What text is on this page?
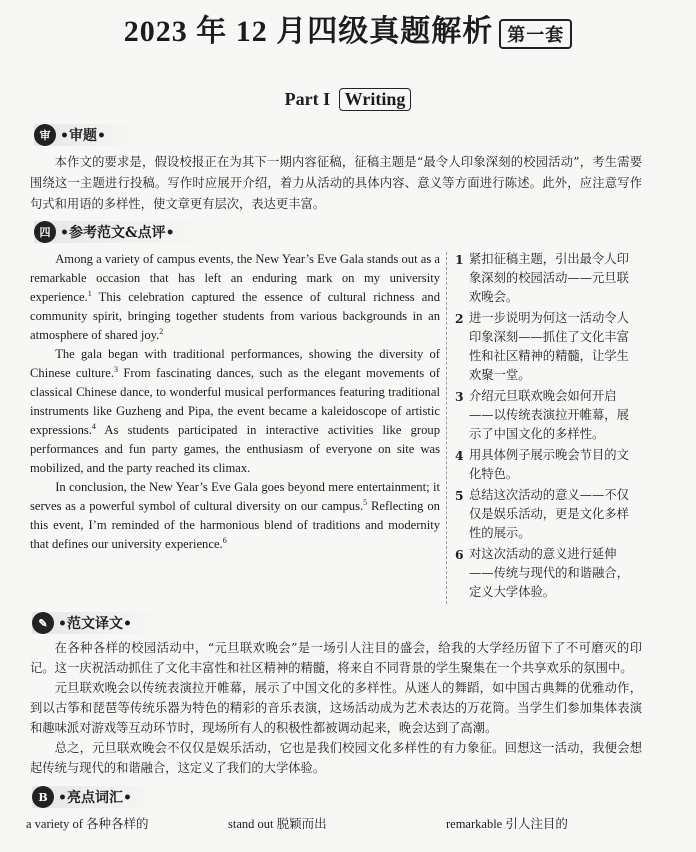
2023 年 12 月四级真题解析 第一套
Part I Writing
审 •审题•

本作文的要求是，假设校报正在为其下一期内容征稿，征稿主题是“最令人印象深刻的校园活动”，考生需要围绕这一主题进行投稿。写作时应展开介绍，着力从活动的具体内容、意义等方面进行陈述。此外，应注意写作句式和用语的多样性，使文章更有层次，表达更丰富。

四 •参考范文&点评•

Among a variety of campus events, the New Year’s Eve Gala stands out as a remarkable occasion that has left an enduring mark on my university experience.$^1$ This celebration captured the essence of cultural richness and community spirit, bringing together students from various backgrounds in an atmosphere of shared joy.$^2$

The gala began with traditional performances, showing the diversity of Chinese culture.$^3$ From fascinating dances, such as the elegant movements of classical Chinese dance, to wonderful musical performances featuring traditional instruments like Guzheng and Pipa, the event became a kaleidoscope of artistic expressions.$^4$ As students participated in interactive activities like group performances and fun party games, the enthusiasm of everyone on site was mobilized, and the party reached its climax.

In conclusion, the New Year’s Eve Gala goes beyond mere entertainment; it serves as a powerful symbol of cultural diversity on our campus.$^5$ Reflecting on this event, I’m reminded of the harmonious blend of traditions and modernity that defines our university experience.$^6$

1 紧扣征稿主题，引出最令人印象深刻的校园活动——元旦联欢晚会。
2 进一步说明为何这一活动令人印象深刻——抓住了文化丰富性和社区精神的精髓，让学生欢聚一堂。
3 介绍元旦联欢晚会如何开启——以传统表演拉开帷幕，展示了中国文化的多样性。
4 用具体例子展示晚会节目的文化特色。
5 总结这次活动的意义——不仅仅是娱乐活动，更是文化多样性的展示。
6 对这次活动的意义进行延伸——传统与现代的和谐融合，定义大学体验。
✎ •范文译文•

在各种各样的校园活动中，“元旦联欢晚会”是一场引人注目的盛会，给我的大学经历留下了不可磨灭的印记。这一庆祝活动抓住了文化丰富性和社区精神的精髓，将来自不同背景的学生聚集在一个共享欢乐的氛围中。

元旦联欢晚会以传统表演拉开帷幕，展示了中国文化的多样性。从迷人的舞蹈，如中国古典舞的优雅动作，到以古筝和琵琶等传统乐器为特色的精彩的音乐表演，这场活动成为艺术表达的万花筒。当学生们参加集体表演和趣味派对游戏等互动环节时，现场所有人的积极性都被调动起来，晚会达到了高潮。

总之，元旦联欢晚会不仅仅是娱乐活动，它也是我们校园文化多样性的有力象征。回想这一活动，我便会想起传统与现代的和谐融合，这定义了我们的大学体验。

B •亮点词汇•
a variety of 各种各样的	stand out 脱颖而出	remarkable 引人注目的
